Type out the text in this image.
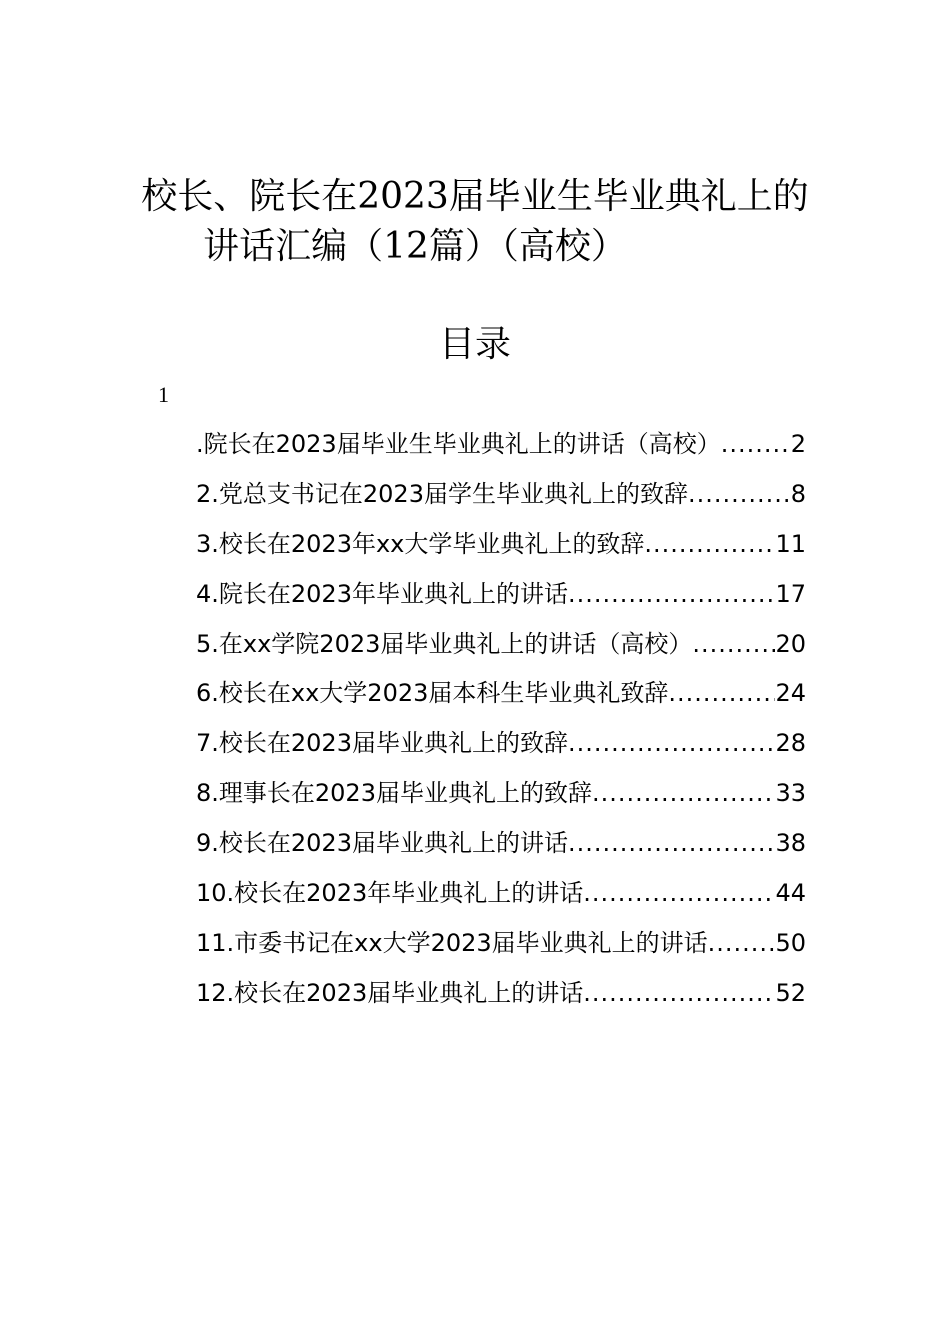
校长、院长在2023届毕业生毕业典礼上的
讲话汇编（12篇）（高校）
目录
1
.院长在2023届毕业生毕业典礼上的讲话（高校） .....	2
2.党总支书记在2023届学生毕业典礼上的致辞 .....	8
3.校长在2023年xx大学毕业典礼上的致辞 .....	11
4.院长在2023年毕业典礼上的讲话 .....	17
5.在xx学院2023届毕业典礼上的讲话（高校） .....	20
6.校长在xx大学2023届本科生毕业典礼致辞 .....	24
7.校长在2023届毕业典礼上的致辞 .....	28
8.理事长在2023届毕业典礼上的致辞 .....	33
9.校长在2023届毕业典礼上的讲话 .....	38
10.校长在2023年毕业典礼上的讲话 .....	44
11.市委书记在xx大学2023届毕业典礼上的讲话 .....	50
12.校长在2023届毕业典礼上的讲话 .....	52
